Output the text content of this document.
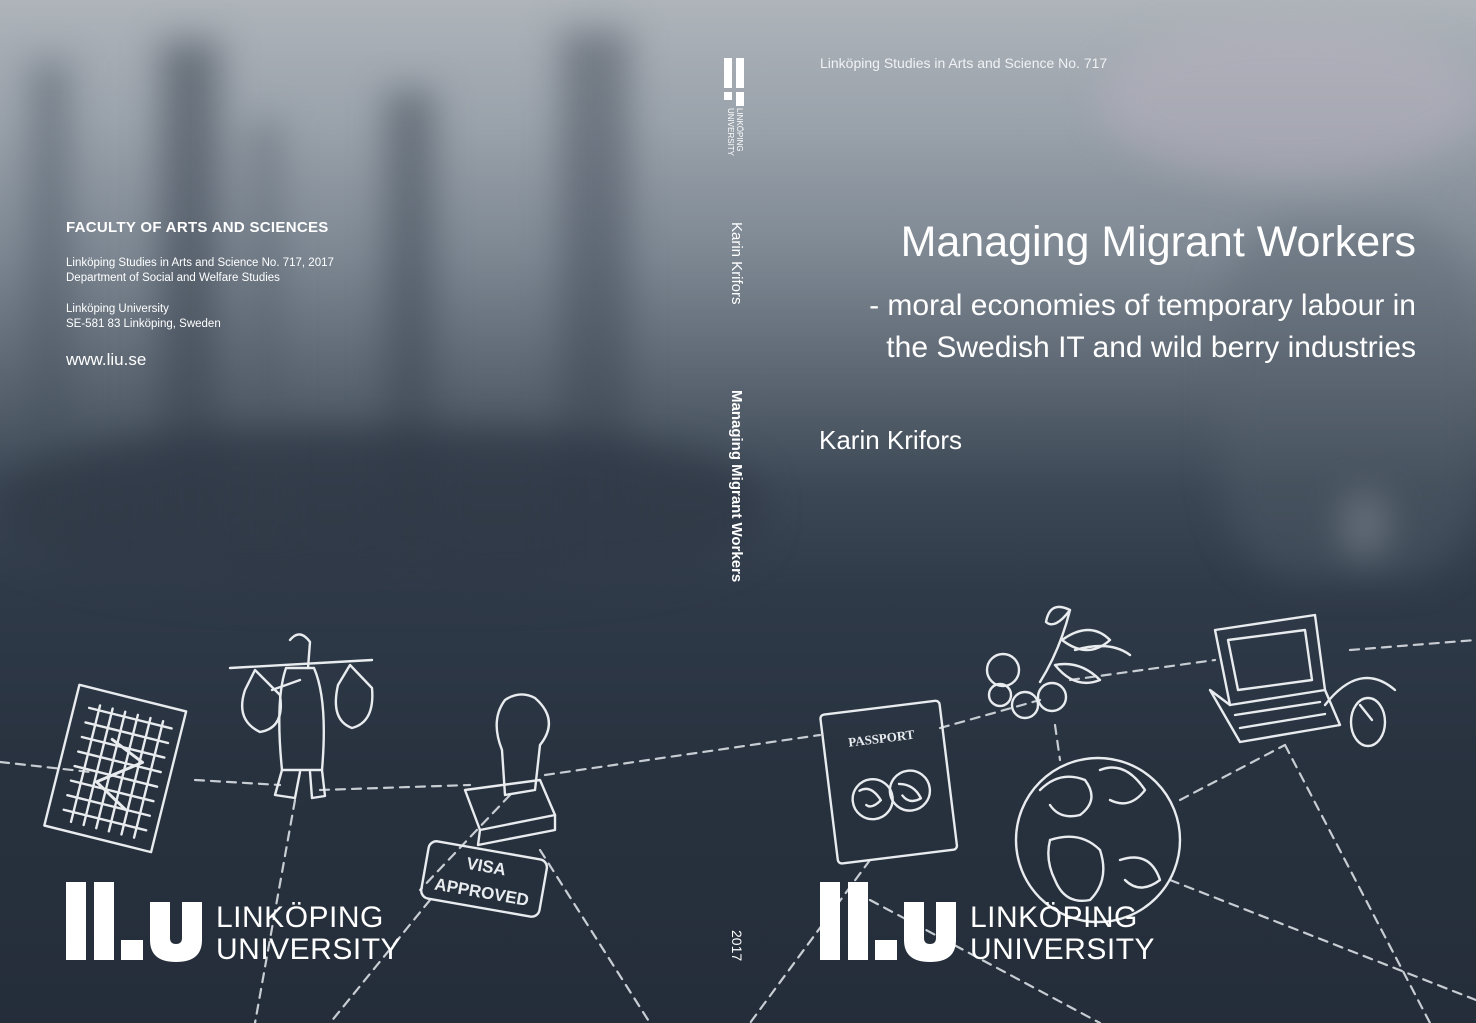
VISA
APPROVED
PASSPORT
FACULTY OF ARTS AND SCIENCES
Linköping Studies in Arts and Science No. 717, 2017
Department of Social and Welfare Studies
Linköping University
SE-581 83 Linköping, Sweden
www.liu.se
LINKÖPING
UNIVERSITY
LINKÖPING
UNIVERSITY
Karin Krifors
Managing Migrant Workers
2017
Linköping Studies in Arts and Science No. 717
Managing Migrant Workers
- moral economies of temporary labour in
the Swedish IT and wild berry industries
Karin Krifors
LINKÖPING
UNIVERSITY
